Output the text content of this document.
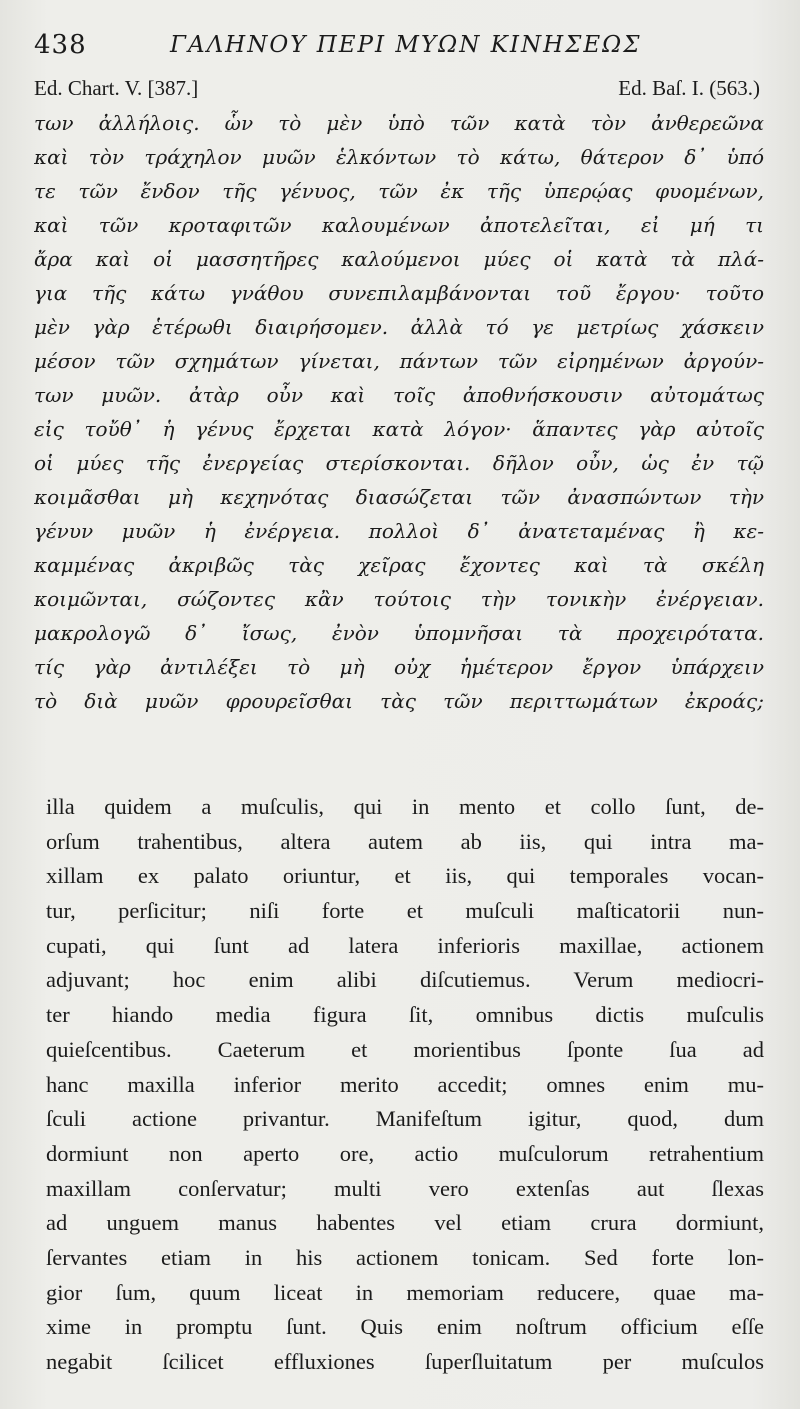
438	ΓΑΛΗΝΟΥ ΠΕΡΙ ΜΥΩΝ ΚΙΝΗΣΕΩΣ
Ed. Chart. V. [387.]	Ed. Baſ. I. (563.)
των ἀλλήλοις. ὧν τὸ μὲν ὑπὸ τῶν κατὰ τὸν ἀνθερεῶνα
καὶ τὸν τράχηλον μυῶν ἑλκόντων τὸ κάτω, θάτερον δ᾽ ὑπό
τε τῶν ἔνδον τῆς γένυος, τῶν ἐκ τῆς ὑπερῴας φυομένων,
καὶ τῶν κροταφιτῶν καλουμένων ἀποτελεῖται, εἰ μή τι
ἄρα καὶ οἱ μασσητῆρες καλούμενοι μύες οἱ κατὰ τὰ πλά-
για τῆς κάτω γνάθου συνεπιλαμβάνονται τοῦ ἔργου· τοῦτο
μὲν γὰρ ἑτέρωθι διαιρήσομεν. ἀλλὰ τό γε μετρίως χάσκειν
μέσον τῶν σχημάτων γίνεται, πάντων τῶν εἰρημένων ἀργούν-
των μυῶν. ἀτὰρ οὖν καὶ τοῖς ἀποθνήσκουσιν αὐτομάτως
εἰς τοὔθ᾽ ἡ γένυς ἔρχεται κατὰ λόγον· ἅπαντες γὰρ αὐτοῖς
οἱ μύες τῆς ἐνεργείας στερίσκονται. δῆλον οὖν, ὡς ἐν τῷ
κοιμᾶσθαι μὴ κεχηνότας διασώζεται τῶν ἀνασπώντων τὴν
γένυν μυῶν ἡ ἐνέργεια. πολλοὶ δ᾽ ἀνατεταμένας ἢ κε-
καμμένας ἀκριβῶς τὰς χεῖρας ἔχοντες καὶ τὰ σκέλη
κοιμῶνται, σώζοντες κἂν τούτοις τὴν τονικὴν ἐνέργειαν.
μακρολογῶ δ᾽ ἴσως, ἐνὸν ὑπομνῆσαι τὰ προχειρότατα.
τίς γὰρ ἀντιλέξει τὸ μὴ οὐχ ἡμέτερον ἔργον ὑπάρχειν
τὸ διὰ μυῶν φρουρεῖσθαι τὰς τῶν περιττωμάτων ἐκροάς;
illa quidem a muſculis, qui in mento et collo ſunt, de-
orſum trahentibus, altera autem ab iis, qui intra ma-
xillam ex palato oriuntur, et iis, qui temporales vocan-
tur, perſicitur; niſi forte et muſculi maſticatorii nun-
cupati, qui ſunt ad latera inferioris maxillae, actionem
adjuvant; hoc enim alibi diſcutiemus. Verum mediocri-
ter hiando media figura ſit, omnibus dictis muſculis
quieſcentibus. Caeterum et morientibus ſponte ſua ad
hanc maxilla inferior merito accedit; omnes enim mu-
ſculi actione privantur. Manifeſtum igitur, quod, dum
dormiunt non aperto ore, actio muſculorum retrahentium
maxillam conſervatur; multi vero extenſas aut ſlexas
ad unguem manus habentes vel etiam crura dormiunt,
ſervantes etiam in his actionem tonicam. Sed forte lon-
gior ſum, quum liceat in memoriam reducere, quae ma-
xime in promptu ſunt. Quis enim noſtrum officium eſſe
negabit ſcilicet effluxiones ſuperſluitatum per muſculos
